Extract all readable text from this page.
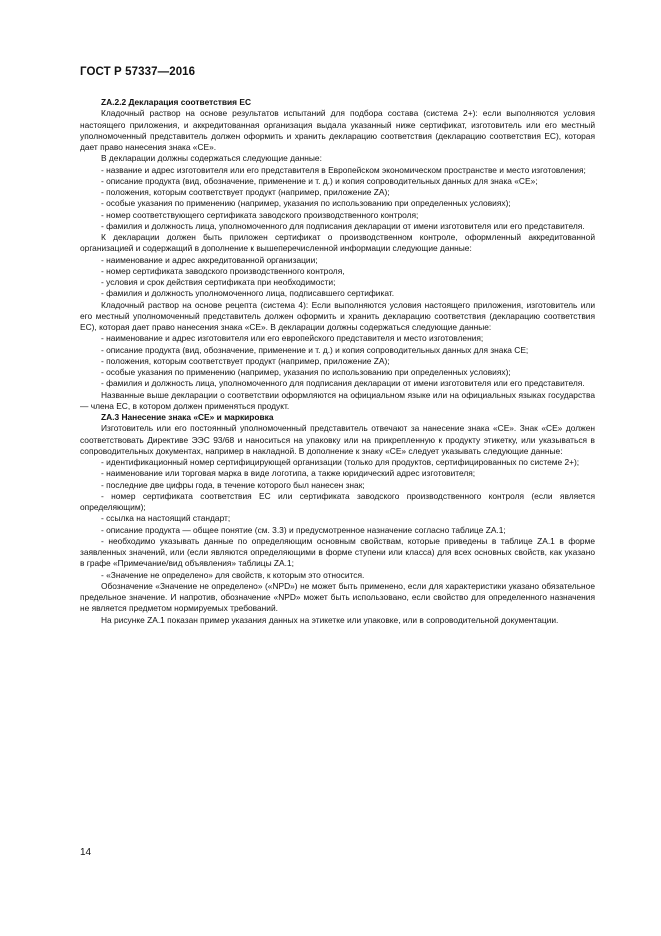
ГОСТ Р 57337—2016

ZA.2.2 Декларация соответствия ЕС

Кладочный раствор на основе результатов испытаний для подбора состава (система 2+): если выполняются условия настоящего приложения, и аккредитованная организация выдала указанный ниже сертификат, изготовитель или его местный уполномоченный представитель должен оформить и хранить декларацию соответствия (декларацию соответствия ЕС), которая дает право нанесения знака «СЕ».

В декларации должны содержаться следующие данные:

- название и адрес изготовителя или его представителя в Европейском экономическом пространстве и место изготовления;

- описание продукта (вид, обозначение, применение и т. д.) и копия сопроводительных данных для знака «СЕ»;

- положения, которым соответствует продукт (например, приложение ZA);

- особые указания по применению (например, указания по использованию при определенных условиях);

- номер соответствующего сертификата заводского производственного контроля;

- фамилия и должность лица, уполномоченного для подписания декларации от имени изготовителя или его представителя.

К декларации должен быть приложен сертификат о производственном контроле, оформленный аккредитованной организацией и содержащий в дополнение к вышеперечисленной информации следующие данные:

- наименование и адрес аккредитованной организации;

- номер сертификата заводского производственного контроля,

- условия и срок действия сертификата при необходимости;

- фамилия и должность уполномоченного лица, подписавшего сертификат.

Кладочный раствор на основе рецепта (система 4): Если выполняются условия настоящего приложения, изготовитель или его местный уполномоченный представитель должен оформить и хранить декларацию соответствия (декларацию соответствия ЕС), которая дает право нанесения знака «СЕ». В декларации должны содержаться следующие данные:

- наименование и адрес изготовителя или его европейского представителя и место изготовления;

- описание продукта (вид, обозначение, применение и т. д.) и копия сопроводительных данных для знака СЕ;

- положения, которым соответствует продукт (например, приложение ZA);

- особые указания по применению (например, указания по использованию при определенных условиях);

- фамилия и должность лица, уполномоченного для подписания декларации от имени изготовителя или его представителя.

Названные выше декларации о соответствии оформляются на официальном языке или на официальных языках государства — члена ЕС, в котором должен применяться продукт.

ZA.3 Нанесение знака «СЕ» и маркировка

Изготовитель или его постоянный уполномоченный представитель отвечают за нанесение знака «СЕ». Знак «СЕ» должен соответствовать Директиве ЭЭС 93/68 и наноситься на упаковку или на прикрепленную к продукту этикетку, или указываться в сопроводительных документах, например в накладной. В дополнение к знаку «СЕ» следует указывать следующие данные:

- идентификационный номер сертифицирующей организации (только для продуктов, сертифицированных по системе 2+);

- наименование или торговая марка в виде логотипа, а также юридический адрес изготовителя;

- последние две цифры года, в течение которого был нанесен знак;

- номер сертификата соответствия ЕС или сертификата заводского производственного контроля (если является определяющим);

- ссылка на настоящий стандарт;

- описание продукта — общее понятие (см. 3.3) и предусмотренное назначение согласно таблице ZA.1;

- необходимо указывать данные по определяющим основным свойствам, которые приведены в таблице ZA.1 в форме заявленных значений, или (если являются определяющими в форме ступени или класса) для всех основных свойств, как указано в графе «Примечание/вид объявления» таблицы ZA.1;

- «Значение не определено» для свойств, к которым это относится.

Обозначение «Значение не определено» («NPD») не может быть применено, если для характеристики указано обязательное предельное значение. И напротив, обозначение «NPD» может быть использовано, если свойство для определенного назначения не является предметом нормируемых требований.

На рисунке ZA.1 показан пример указания данных на этикетке или упаковке, или в сопроводительной документации.

14
